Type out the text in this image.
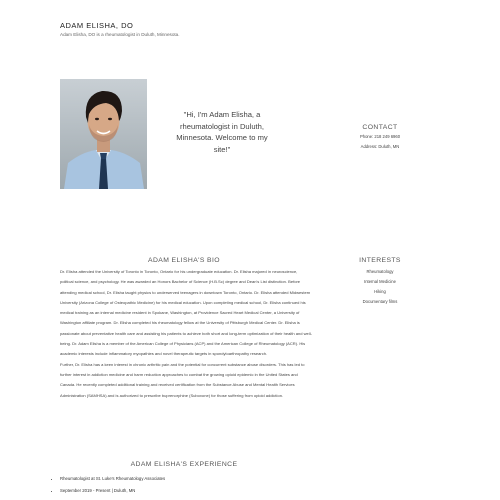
ADAM ELISHA, DO
Adam Elisha, DO is a rheumatologist in Duluth, Minnesota.
"Hi, I'm Adam Elisha, a rheumatologist in Duluth, Minnesota. Welcome to my site!"
CONTACT
Phone: 218 249 6960
Address: Duluth, MN
ADAM ELISHA'S BIO
Dr. Elisha attended the University of Toronto in Toronto, Ontario for his undergraduate education. Dr. Elisha majored in neuroscience, political science, and psychology. He was awarded an Honors Bachelor of Science (H.B.Sc) degree and Dean's List distinction. Before attending medical school, Dr. Elisha taught physics to underserved teenagers in downtown Toronto, Ontario. Dr. Elisha attended Midwestern University (Arizona College of Osteopathic Medicine) for his medical education. Upon completing medical school, Dr. Elisha continued his medical training as an internal medicine resident in Spokane, Washington, at Providence Sacred Heart Medical Center, a University of Washington affiliate program. Dr. Elisha completed his rheumatology fellow at the University of Pittsburgh Medical Center. Dr. Elisha is passionate about preventative health care and assisting his patients to achieve both short and long-term optimization of their health and well-being. Dr. Adam Elisha is a member of the American College of Physicians (ACP) and the American College of Rheumatology (ACR). His academic interests include inflammatory myopathies and novel therapeutic targets in spondyloarthropathy research.
Further, Dr. Elisha has a keen interest in chronic arthritic pain and the potential for concurrent substance abuse disorders. This has led to further interest in addiction medicine and harm reduction approaches to combat the growing opioid epidemic in the United States and Canada. He recently completed additional training and received certification from the Substance Abuse and Mental Health Services Administration (SAMHSA) and is authorized to prescribe buprenorphine (Suboxone) for those suffering from opioid addiction.
INTERESTS
Rheumatology
Internal Medicine
Hiking
Documentary films
ADAM ELISHA'S EXPERIENCE
• Rheumatologist at St. Luke's Rheumatology Associates
• September 2019 - Present | Duluth, MN
